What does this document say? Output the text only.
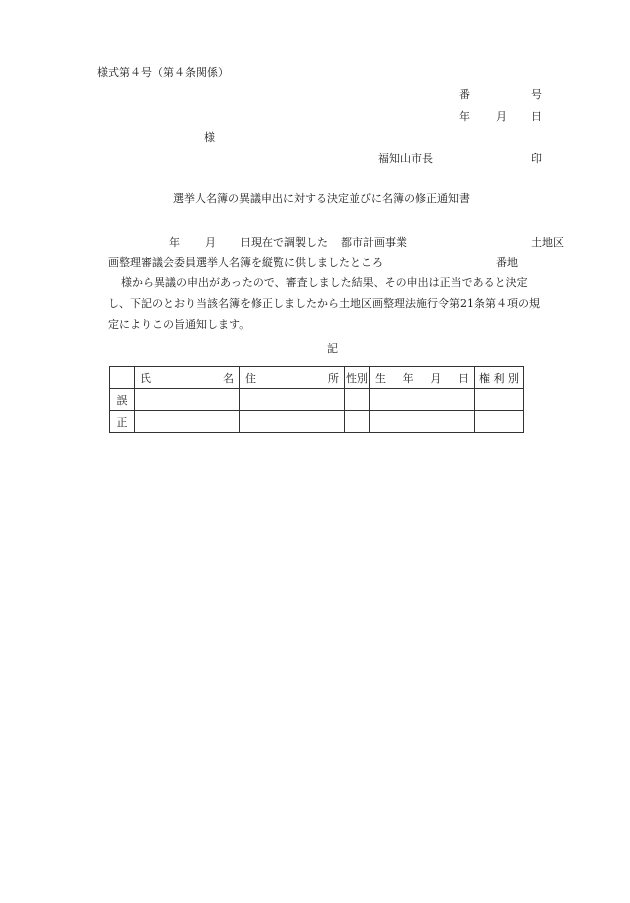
様式第４号（第４条関係）
番	号
年 月 日
様
福知山市長	印
選挙人名簿の異議申出に対する決定並びに名簿の修正通知書
年 月 日現在で調製した 都市計画事業	土地区
画整理審議会委員選挙人名簿を縦覧に供しましたところ	番地
様から異議の申出があったので、審査しました結果、その申出は正当であると決定
し、下記のとおり当該名簿を修正しましたから土地区画整理法施行令第21条第４項の規
定によりこの旨通知します。
記

	氏 名	住 所	性別	生 年 月 日	権 利 別
誤					
正					
